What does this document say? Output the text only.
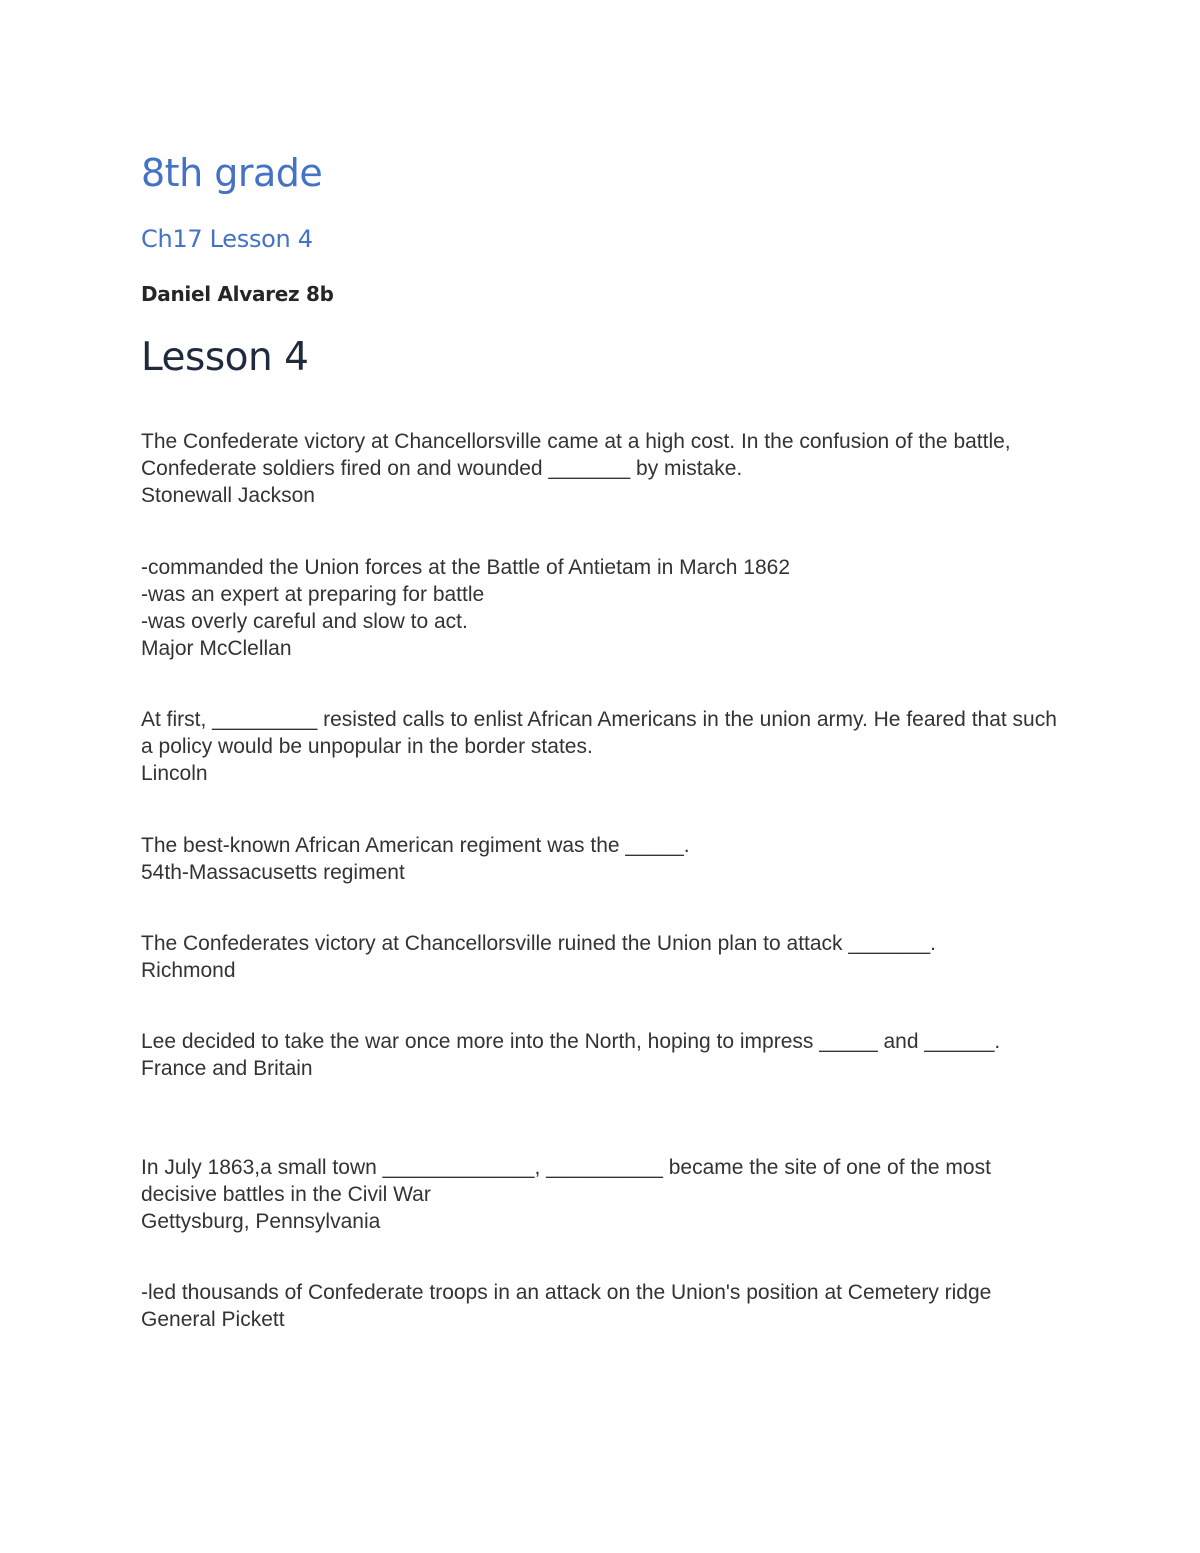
8th grade
Ch17 Lesson 4

Daniel Alvarez 8b

Lesson 4

The Confederate victory at Chancellorsville came at a high cost. In the confusion of the battle, Confederate soldiers fired on and wounded _______ by mistake.

Stonewall Jackson

-commanded the Union forces at the Battle of Antietam in March 1862

-was an expert at preparing for battle

-was overly careful and slow to act.

Major McClellan

At first, _________ resisted calls to enlist African Americans in the union army. He feared that such a policy would be unpopular in the border states.

Lincoln

The best-known African American regiment was the _____.

54th-Massacusetts regiment

The Confederates victory at Chancellorsville ruined the Union plan to attack _______.

Richmond

Lee decided to take the war once more into the North, hoping to impress _____ and ______.

France and Britain

In July 1863,a small town _____________, __________ became the site of one of the most decisive battles in the Civil War

Gettysburg, Pennsylvania

-led thousands of Confederate troops in an attack on the Union's position at Cemetery ridge

General Pickett
